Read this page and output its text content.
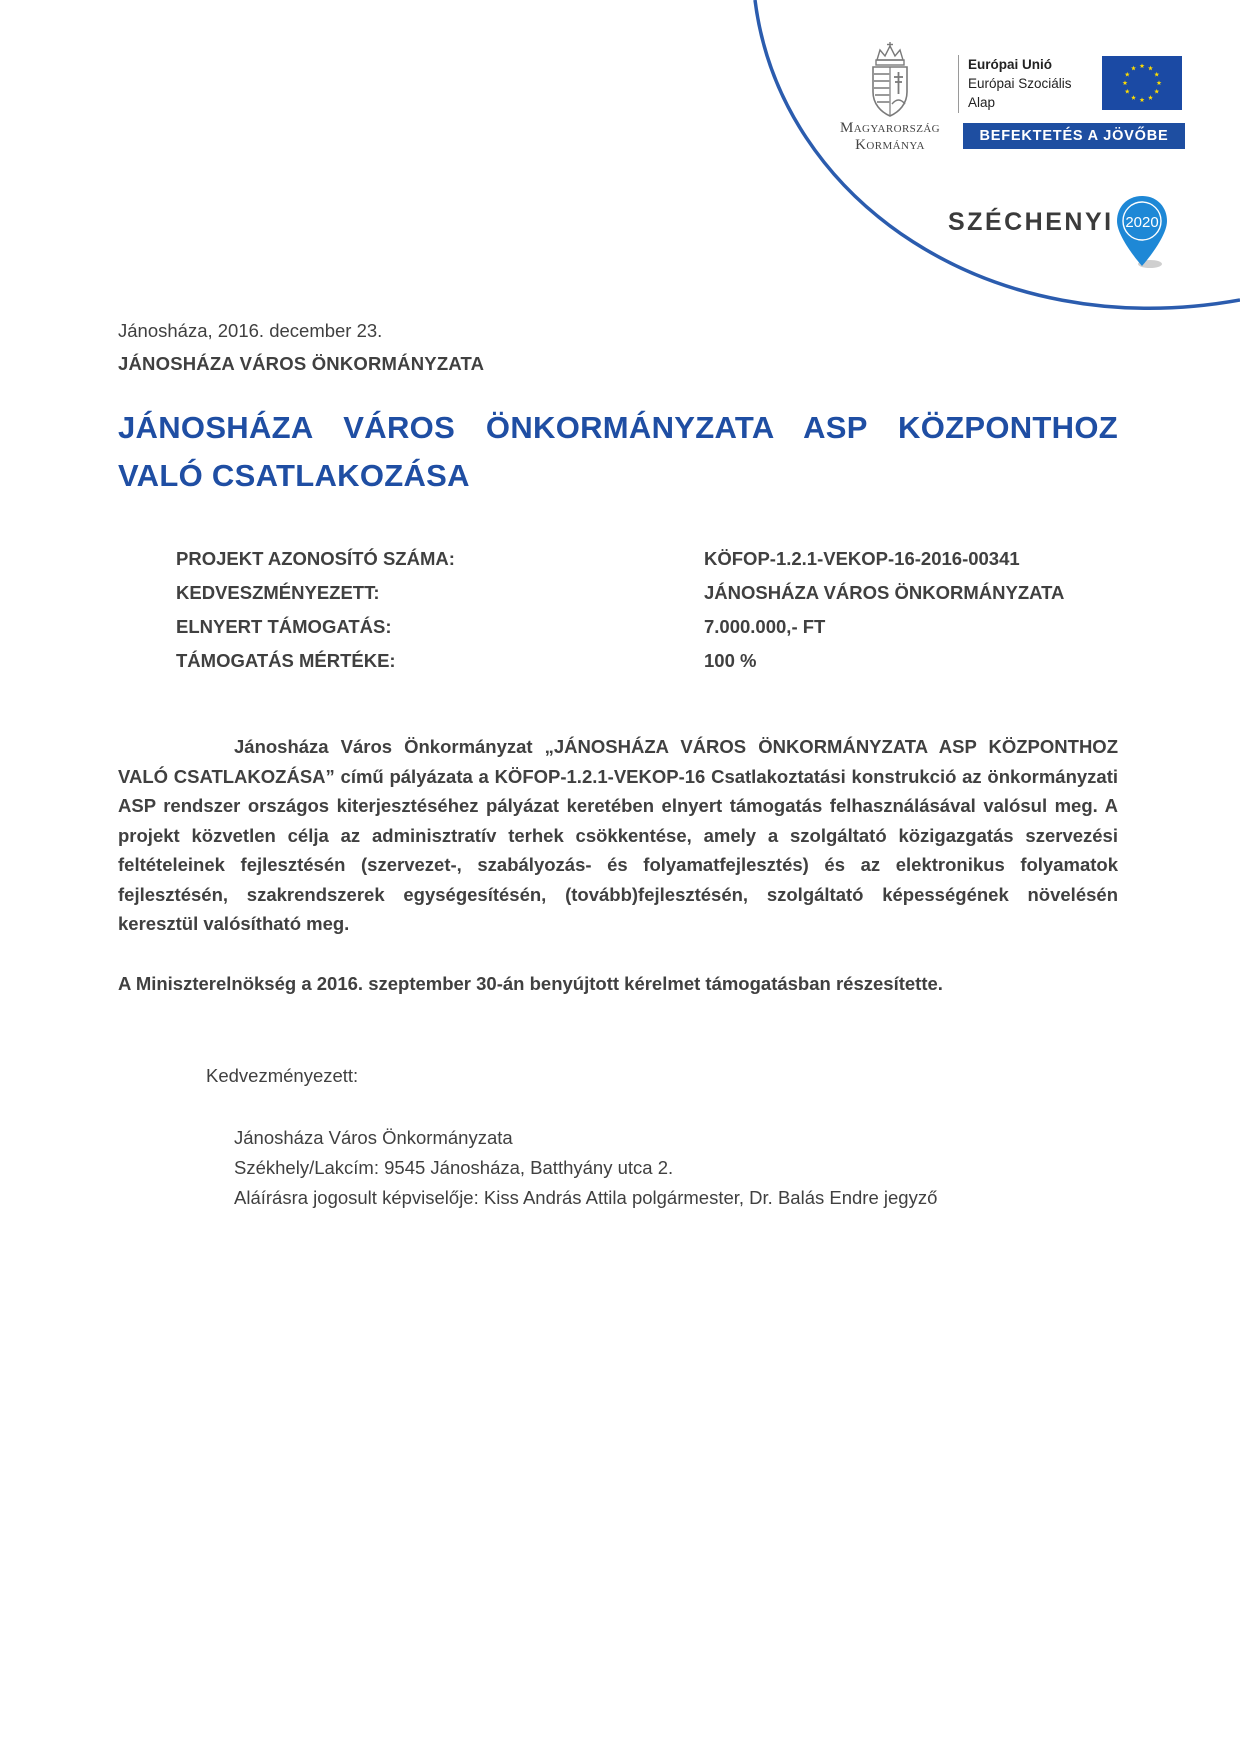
Magyarország
Kormánya
Európai Unió
Európai Szociális
Alap
BEFEKTETÉS A JÖVŐBE
SZÉCHENYI 2020
Jánosháza, 2016. december 23.
JÁNOSHÁZA VÁROS ÖNKORMÁNYZATA
JÁNOSHÁZA VÁROS ÖNKORMÁNYZATA ASP KÖZPONTHOZ
VALÓ CSATLAKOZÁSA
PROJEKT AZONOSÍTÓ SZÁMA:	KÖFOP-1.2.1-VEKOP-16-2016-00341
KEDVESZMÉNYEZETT:	JÁNOSHÁZA VÁROS ÖNKORMÁNYZATA
ELNYERT TÁMOGATÁS:	7.000.000,- FT
TÁMOGATÁS MÉRTÉKE:	100 %

Jánosháza Város Önkormányzat „JÁNOSHÁZA VÁROS ÖNKORMÁNYZATA ASP KÖZPONTHOZ VALÓ CSATLAKOZÁSA” című pályázata a KÖFOP-1.2.1-VEKOP-16 Csatlakoztatási konstrukció az önkormányzati ASP rendszer országos kiterjesztéséhez pályázat keretében elnyert támogatás felhasználásával valósul meg. A projekt közvetlen célja az adminisztratív terhek csökkentése, amely a szolgáltató közigazgatás szervezési feltételeinek fejlesztésén (szervezet-, szabályozás- és folyamatfejlesztés) és az elektronikus folyamatok fejlesztésén, szakrendszerek egységesítésén, (tovább)fejlesztésén, szolgáltató képességének növelésén keresztül valósítható meg.

A Miniszterelnökség a 2016. szeptember 30-án benyújtott kérelmet támogatásban részesítette.

Kedvezményezett:
Jánosháza Város Önkormányzata
Székhely/Lakcím: 9545 Jánosháza, Batthyány utca 2.
Aláírásra jogosult képviselője: Kiss András Attila polgármester, Dr. Balás Endre jegyző
